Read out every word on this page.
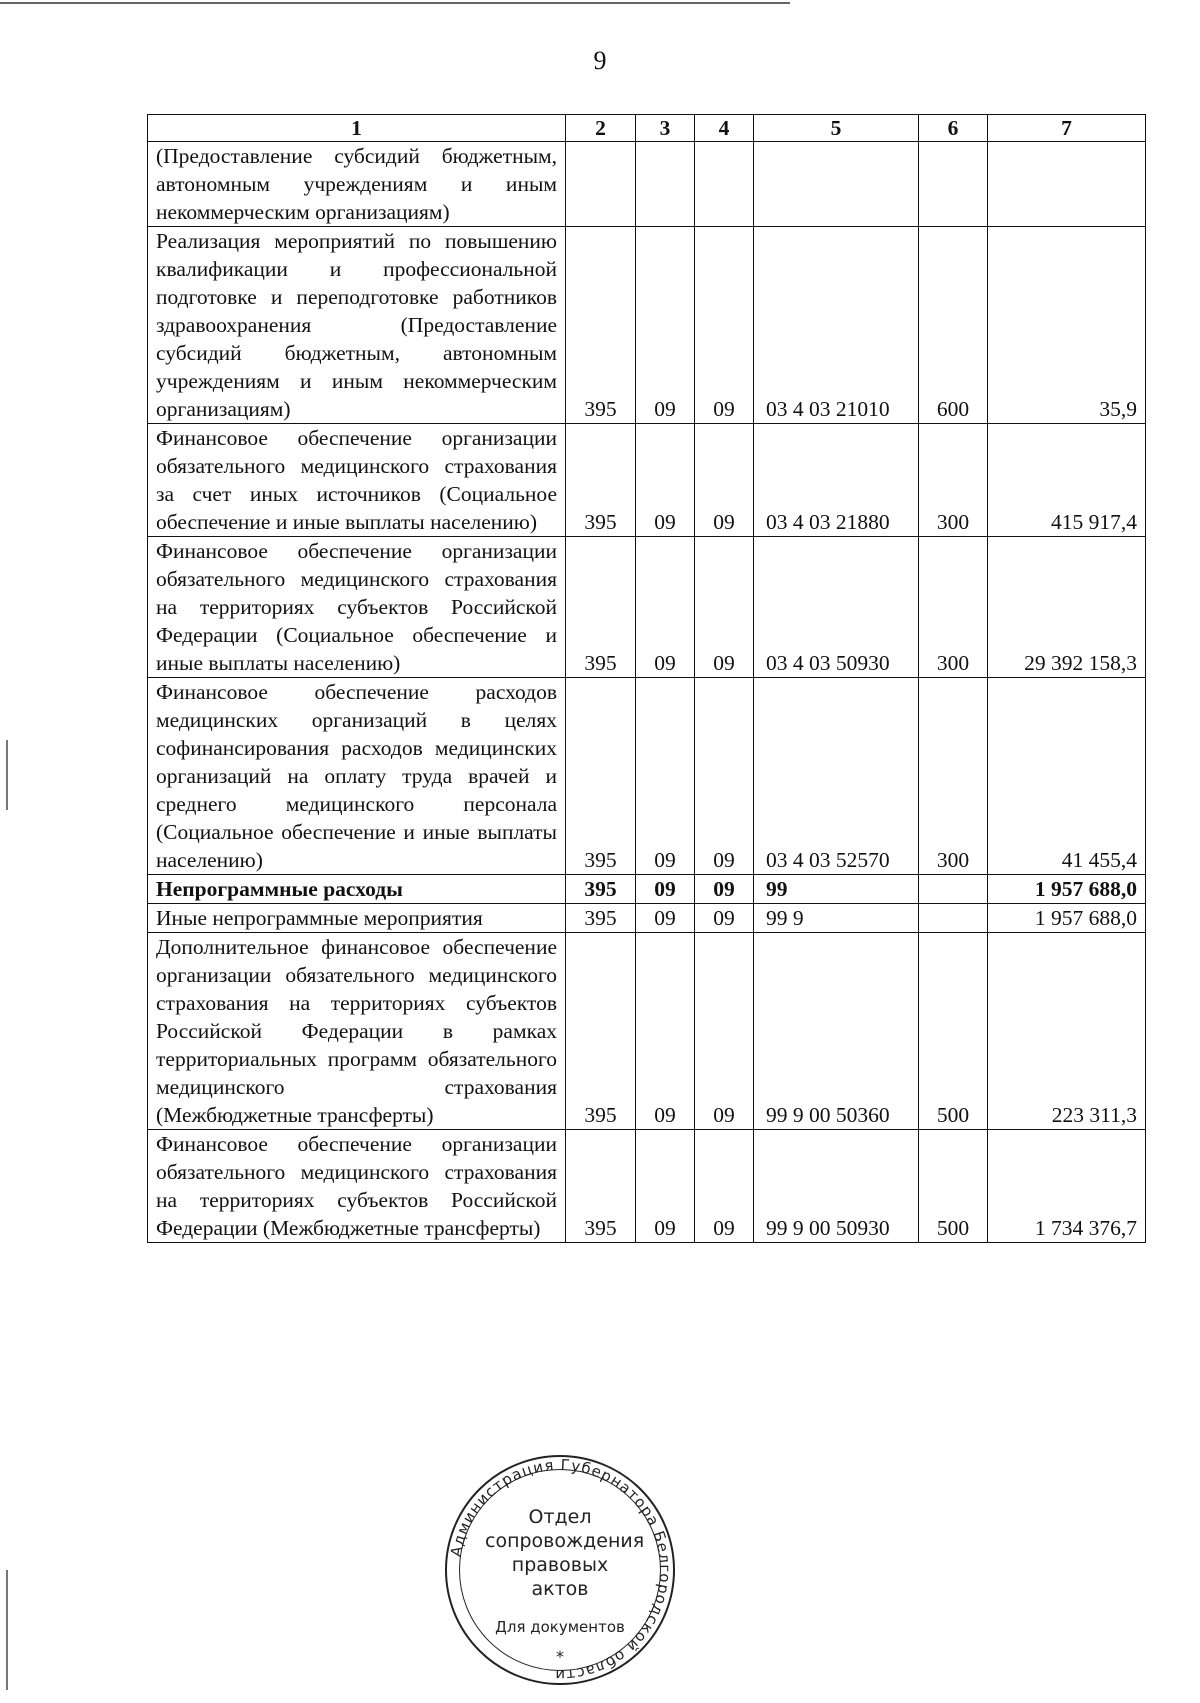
9
1	2	3	4	5	6	7
(Предоставление субсидий бюджетным, автономным учреждениям и иным некоммерческим организациям)						
Реализация мероприятий по повышению квалификации и профессиональной подготовке и переподготовке работников здравоохранения (Предоставление субсидий бюджетным, автономным учреждениям и иным некоммерческим организациям)	395	09	09	03 4 03 21010	600	35,9
Финансовое обеспечение организации обязательного медицинского страхования за счет иных источников (Социальное обеспечение и иные выплаты населению)	395	09	09	03 4 03 21880	300	415 917,4
Финансовое обеспечение организации обязательного медицинского страхования на территориях субъектов Российской Федерации (Социальное обеспечение и иные выплаты населению)	395	09	09	03 4 03 50930	300	29 392 158,3
Финансовое обеспечение расходов медицинских организаций в целях софинансирования расходов медицинских организаций на оплату труда врачей и среднего медицинского персонала (Социальное обеспечение и иные выплаты населению)	395	09	09	03 4 03 52570	300	41 455,4
Непрограммные расходы	395	09	09	99		1 957 688,0
Иные непрограммные мероприятия	395	09	09	99 9		1 957 688,0
Дополнительное финансовое обеспечение организации обязательного медицинского страхования на территориях субъектов Российской Федерации в рамках территориальных программ обязательного медицинского страхования (Межбюджетные трансферты)	395	09	09	99 9 00 50360	500	223 311,3
Финансовое обеспечение организации обязательного медицинского страхования на территориях субъектов Российской Федерации (Межбюджетные трансферты)	395	09	09	99 9 00 50930	500	1 734 376,7
Администрация Губернатора Белгородской области
Отдел
сопровождения
правовых
актов
Для документов
*
